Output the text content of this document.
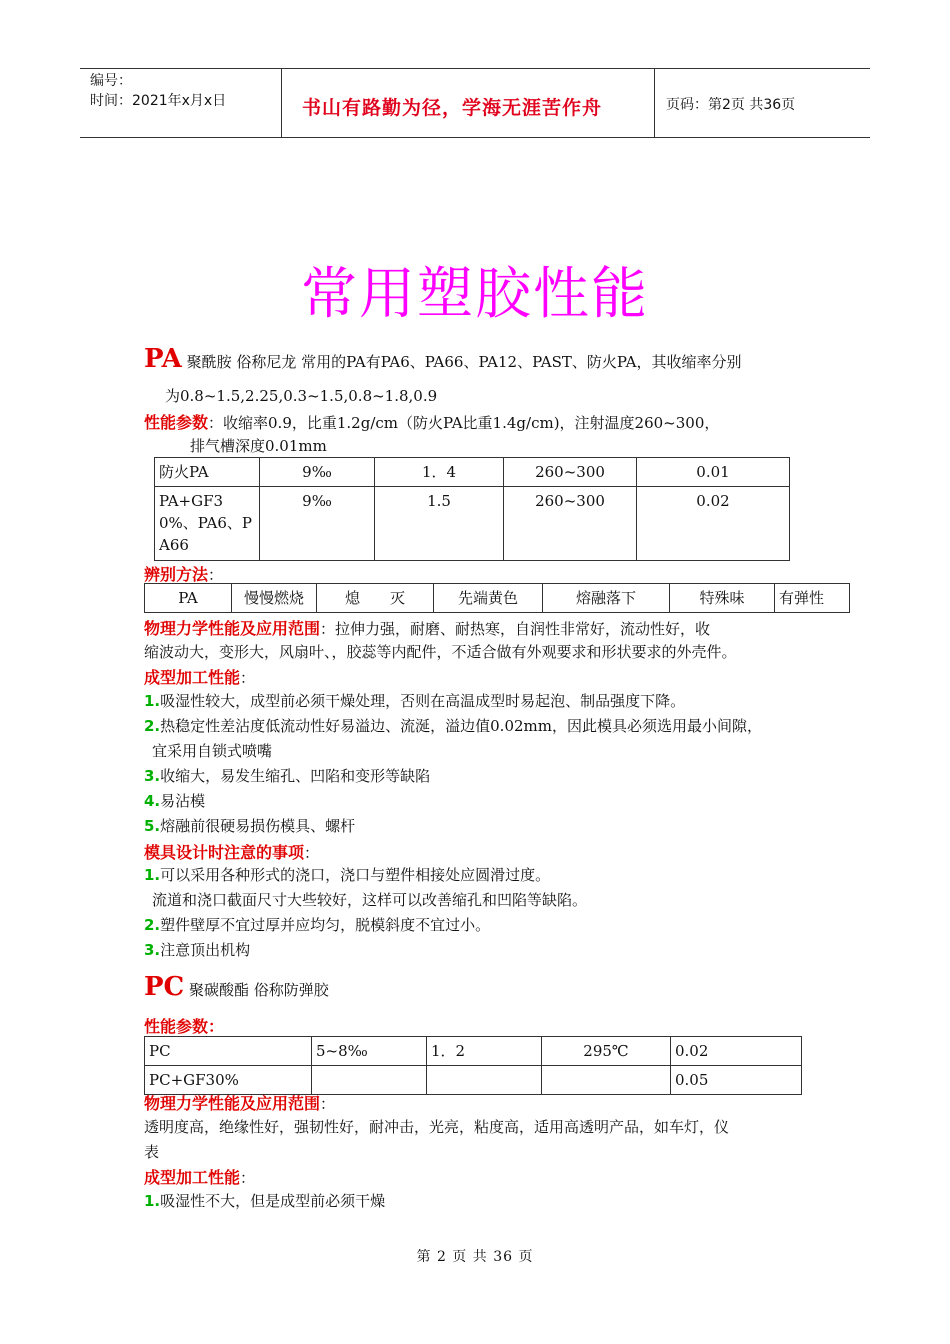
编号：
时间：2021年x月x日	书山有路勤为径，学海无涯苦作舟	页码：第2页 共36页
常用塑胶性能
PA 聚酰胺 俗称尼龙 常用的PA有PA6、PA66、PA12、PAST、防火PA，其收缩率分别
为0.8~1.5,2.25,0.3~1.5,0.8~1.8,0.9
性能参数：收缩率0.9，比重1.2g/cm（防火PA比重1.4g/cm)，注射温度260~300，
排气槽深度0.01mm
防火PA	9‰	1．4	260~300	0.01
PA+GF30%、PA6、PA66	9‰	1.5	260~300	0.02
辨别方法：
PA	慢慢燃烧	熄　　灭	先端黄色	熔融落下	特殊味	有弹性
物理力学性能及应用范围：拉伸力强，耐磨、耐热寒，自润性非常好，流动性好，收
缩波动大，变形大，风扇叶、，胶蕊等内配件，不适合做有外观要求和形状要求的外壳件。
成型加工性能：
1.吸湿性较大，成型前必须干燥处理，否则在高温成型时易起泡、制品强度下降。
2.热稳定性差沾度低流动性好易溢边、流涎，溢边值0.02mm，因此模具必须选用最小间隙，
宜采用自锁式喷嘴
3.收缩大，易发生缩孔、凹陷和变形等缺陷
4.易沾模
5.熔融前很硬易损伤模具、螺杆
模具设计时注意的事项：
1.可以采用各种形式的浇口，浇口与塑件相接处应圆滑过度。
流道和浇口截面尺寸大些较好，这样可以改善缩孔和凹陷等缺陷。
2.塑件壁厚不宜过厚并应均匀，脱模斜度不宜过小。
3.注意顶出机构
PC 聚碳酸酯 俗称防弹胶
性能参数：
PC	5~8‰	1．2	295℃	0.02
PC+GF30%				0.05
物理力学性能及应用范围：
透明度高，绝缘性好，强韧性好，耐冲击，光亮，粘度高，适用高透明产品，如车灯，仪
表
成型加工性能：
1.吸湿性不大，但是成型前必须干燥
第 2 页 共 36 页
